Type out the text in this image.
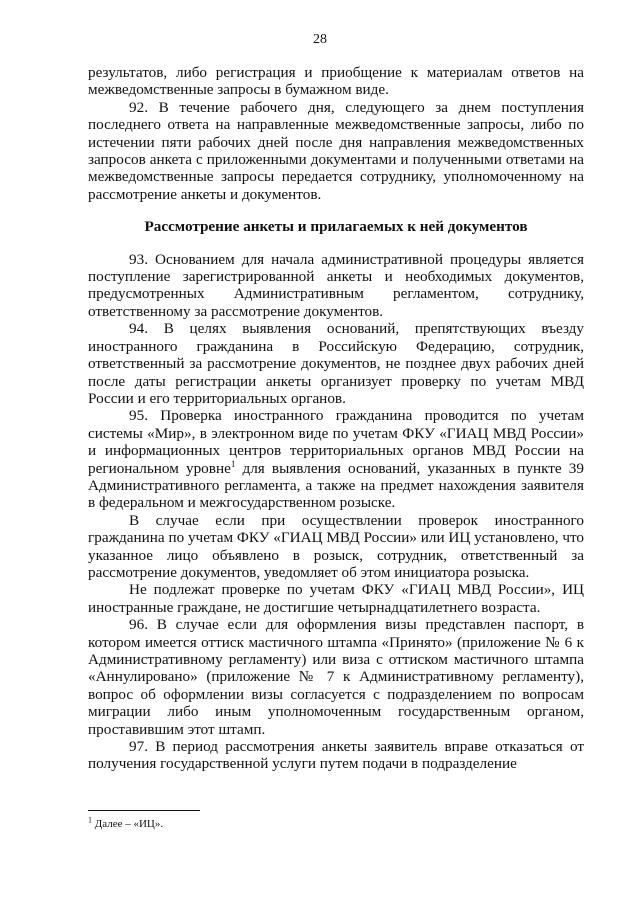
28

результатов, либо регистрация и приобщение к материалам ответов на межведомственные запросы в бумажном виде.

92. В течение рабочего дня, следующего за днем поступления последнего ответа на направленные межведомственные запросы, либо по истечении пяти рабочих дней после дня направления межведомственных запросов анкета с приложенными документами и полученными ответами на межведомственные запросы передается сотруднику, уполномоченному на рассмотрение анкеты и документов.

Рассмотрение анкеты и прилагаемых к ней документов

93. Основанием для начала административной процедуры является поступление зарегистрированной анкеты и необходимых документов, предусмотренных Административным регламентом, сотруднику, ответственному за рассмотрение документов.

94. В целях выявления оснований, препятствующих въезду иностранного гражданина в Российскую Федерацию, сотрудник, ответственный за рассмотрение документов, не позднее двух рабочих дней после даты регистрации анкеты организует проверку по учетам МВД России и его территориальных органов.

95. Проверка иностранного гражданина проводится по учетам системы «Мир», в электронном виде по учетам ФКУ «ГИАЦ МВД России» и информационных центров территориальных органов МВД России на региональном уровне$^1$ для выявления оснований, указанных в пункте 39 Административного регламента, а также на предмет нахождения заявителя в федеральном и межгосударственном розыске.

В случае если при осуществлении проверок иностранного гражданина по учетам ФКУ «ГИАЦ МВД России» или ИЦ установлено, что указанное лицо объявлено в розыск, сотрудник, ответственный за рассмотрение документов, уведомляет об этом инициатора розыска.

Не подлежат проверке по учетам ФКУ «ГИАЦ МВД России», ИЦ иностранные граждане, не достигшие четырнадцатилетнего возраста.

96. В случае если для оформления визы представлен паспорт, в котором имеется оттиск мастичного штампа «Принято» (приложение № 6 к Административному регламенту) или виза с оттиском мастичного штампа «Аннулировано» (приложение № 7 к Административному регламенту), вопрос об оформлении визы согласуется с подразделением по вопросам миграции либо иным уполномоченным государственным органом, проставившим этот штамп.

97. В период рассмотрения анкеты заявитель вправе отказаться от получения государственной услуги путем подачи в подразделение

$^1$ Далее – «ИЦ».
